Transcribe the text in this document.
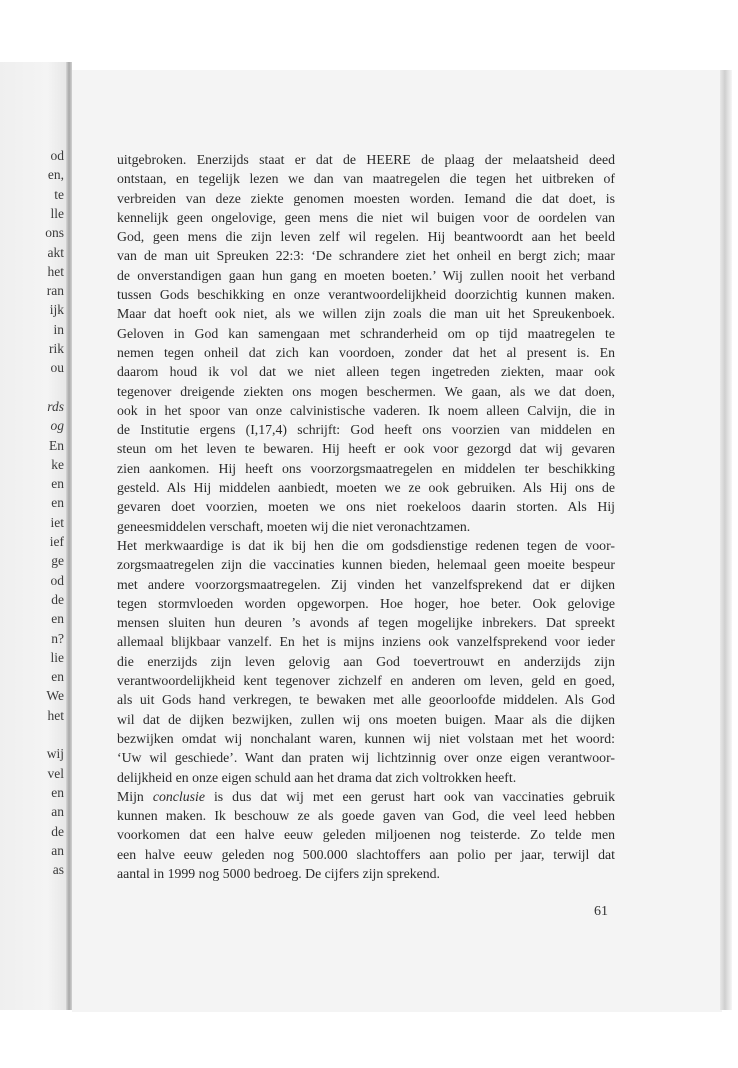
od
en,
te
lle
ons
akt
het
ran
ijk
in
rik
ou
rds
og
En
ke
en
en
iet
ief
ge
od
de
en
n?
lie
en
We
het
wij
vel
en
an
de
an
as
uitgebroken. Enerzijds staat er dat de HEERE de plaag der melaatsheid deed
ontstaan, en tegelijk lezen we dan van maatregelen die tegen het uitbreken of
verbreiden van deze ziekte genomen moesten worden. Iemand die dat doet, is
kennelijk geen ongelovige, geen mens die niet wil buigen voor de oordelen van
God, geen mens die zijn leven zelf wil regelen. Hij beantwoordt aan het beeld
van de man uit Spreuken 22:3: ‘De schrandere ziet het onheil en bergt zich; maar
de onverstandigen gaan hun gang en moeten boeten.’ Wij zullen nooit het verband
tussen Gods beschikking en onze verantwoordelijkheid doorzichtig kunnen maken.
Maar dat hoeft ook niet, als we willen zijn zoals die man uit het Spreukenboek.
Geloven in God kan samengaan met schranderheid om op tijd maatregelen te
nemen tegen onheil dat zich kan voordoen, zonder dat het al present is. En
daarom houd ik vol dat we niet alleen tegen ingetreden ziekten, maar ook
tegenover dreigende ziekten ons mogen beschermen. We gaan, als we dat doen,
ook in het spoor van onze calvinistische vaderen. Ik noem alleen Calvijn, die in
de Institutie ergens (I,17,4) schrijft: God heeft ons voorzien van middelen en
steun om het leven te bewaren. Hij heeft er ook voor gezorgd dat wij gevaren
zien aankomen. Hij heeft ons voorzorgsmaatregelen en middelen ter beschikking
gesteld. Als Hij middelen aanbiedt, moeten we ze ook gebruiken. Als Hij ons de
gevaren doet voorzien, moeten we ons niet roekeloos daarin storten. Als Hij
geneesmiddelen verschaft, moeten wij die niet veronachtzamen.
Het merkwaardige is dat ik bij hen die om godsdienstige redenen tegen de voor-
zorgsmaatregelen zijn die vaccinaties kunnen bieden, helemaal geen moeite bespeur
met andere voorzorgsmaatregelen. Zij vinden het vanzelfsprekend dat er dijken
tegen stormvloeden worden opgeworpen. Hoe hoger, hoe beter. Ook gelovige
mensen sluiten hun deuren ’s avonds af tegen mogelijke inbrekers. Dat spreekt
allemaal blijkbaar vanzelf. En het is mijns inziens ook vanzelfsprekend voor ieder
die enerzijds zijn leven gelovig aan God toevertrouwt en anderzijds zijn
verantwoordelijkheid kent tegenover zichzelf en anderen om leven, geld en goed,
als uit Gods hand verkregen, te bewaken met alle geoorloofde middelen. Als God
wil dat de dijken bezwijken, zullen wij ons moeten buigen. Maar als die dijken
bezwijken omdat wij nonchalant waren, kunnen wij niet volstaan met het woord:
‘Uw wil geschiede’. Want dan praten wij lichtzinnig over onze eigen verantwoor-
delijkheid en onze eigen schuld aan het drama dat zich voltrokken heeft.
Mijn conclusie is dus dat wij met een gerust hart ook van vaccinaties gebruik
kunnen maken. Ik beschouw ze als goede gaven van God, die veel leed hebben
voorkomen dat een halve eeuw geleden miljoenen nog teisterde. Zo telde men
een halve eeuw geleden nog 500.000 slachtoffers aan polio per jaar, terwijl dat
aantal in 1999 nog 5000 bedroeg. De cijfers zijn sprekend.
61
